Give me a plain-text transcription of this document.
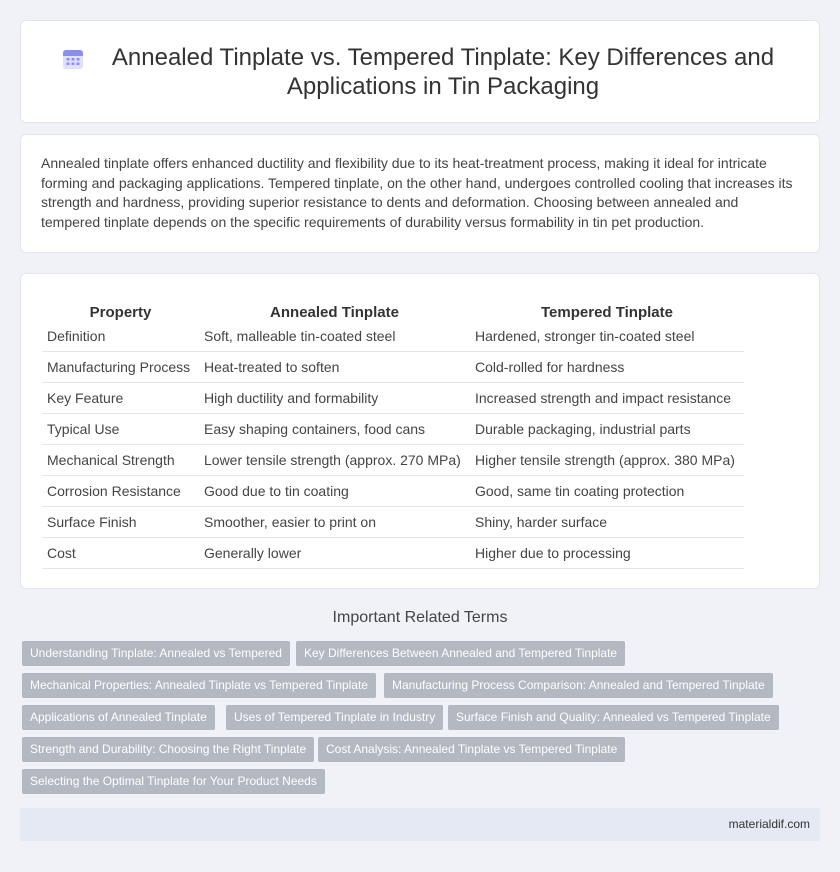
Annealed Tinplate vs. Tempered Tinplate: Key Differences and Applications in Tin Packaging

Annealed tinplate offers enhanced ductility and flexibility due to its heat-treatment process, making it ideal for intricate forming and packaging applications. Tempered tinplate, on the other hand, undergoes controlled cooling that increases its strength and hardness, providing superior resistance to dents and deformation. Choosing between annealed and tempered tinplate depends on the specific requirements of durability versus formability in tin pet production.

Property	Annealed Tinplate	Tempered Tinplate
Definition	Soft, malleable tin-coated steel	Hardened, stronger tin-coated steel
Manufacturing Process	Heat-treated to soften	Cold-rolled for hardness
Key Feature	High ductility and formability	Increased strength and impact resistance
Typical Use	Easy shaping containers, food cans	Durable packaging, industrial parts
Mechanical Strength	Lower tensile strength (approx. 270 MPa)	Higher tensile strength (approx. 380 MPa)
Corrosion Resistance	Good due to tin coating	Good, same tin coating protection
Surface Finish	Smoother, easier to print on	Shiny, harder surface
Cost	Generally lower	Higher due to processing
Important Related Terms
Understanding Tinplate: Annealed vs Tempered	Key Differences Between Annealed and Tempered Tinplate
Mechanical Properties: Annealed Tinplate vs Tempered Tinplate	Manufacturing Process Comparison: Annealed and Tempered Tinplate
Applications of Annealed Tinplate	Uses of Tempered Tinplate in Industry	Surface Finish and Quality: Annealed vs Tempered Tinplate
Strength and Durability: Choosing the Right Tinplate	Cost Analysis: Annealed Tinplate vs Tempered Tinplate
Selecting the Optimal Tinplate for Your Product Needs
materialdif.com
